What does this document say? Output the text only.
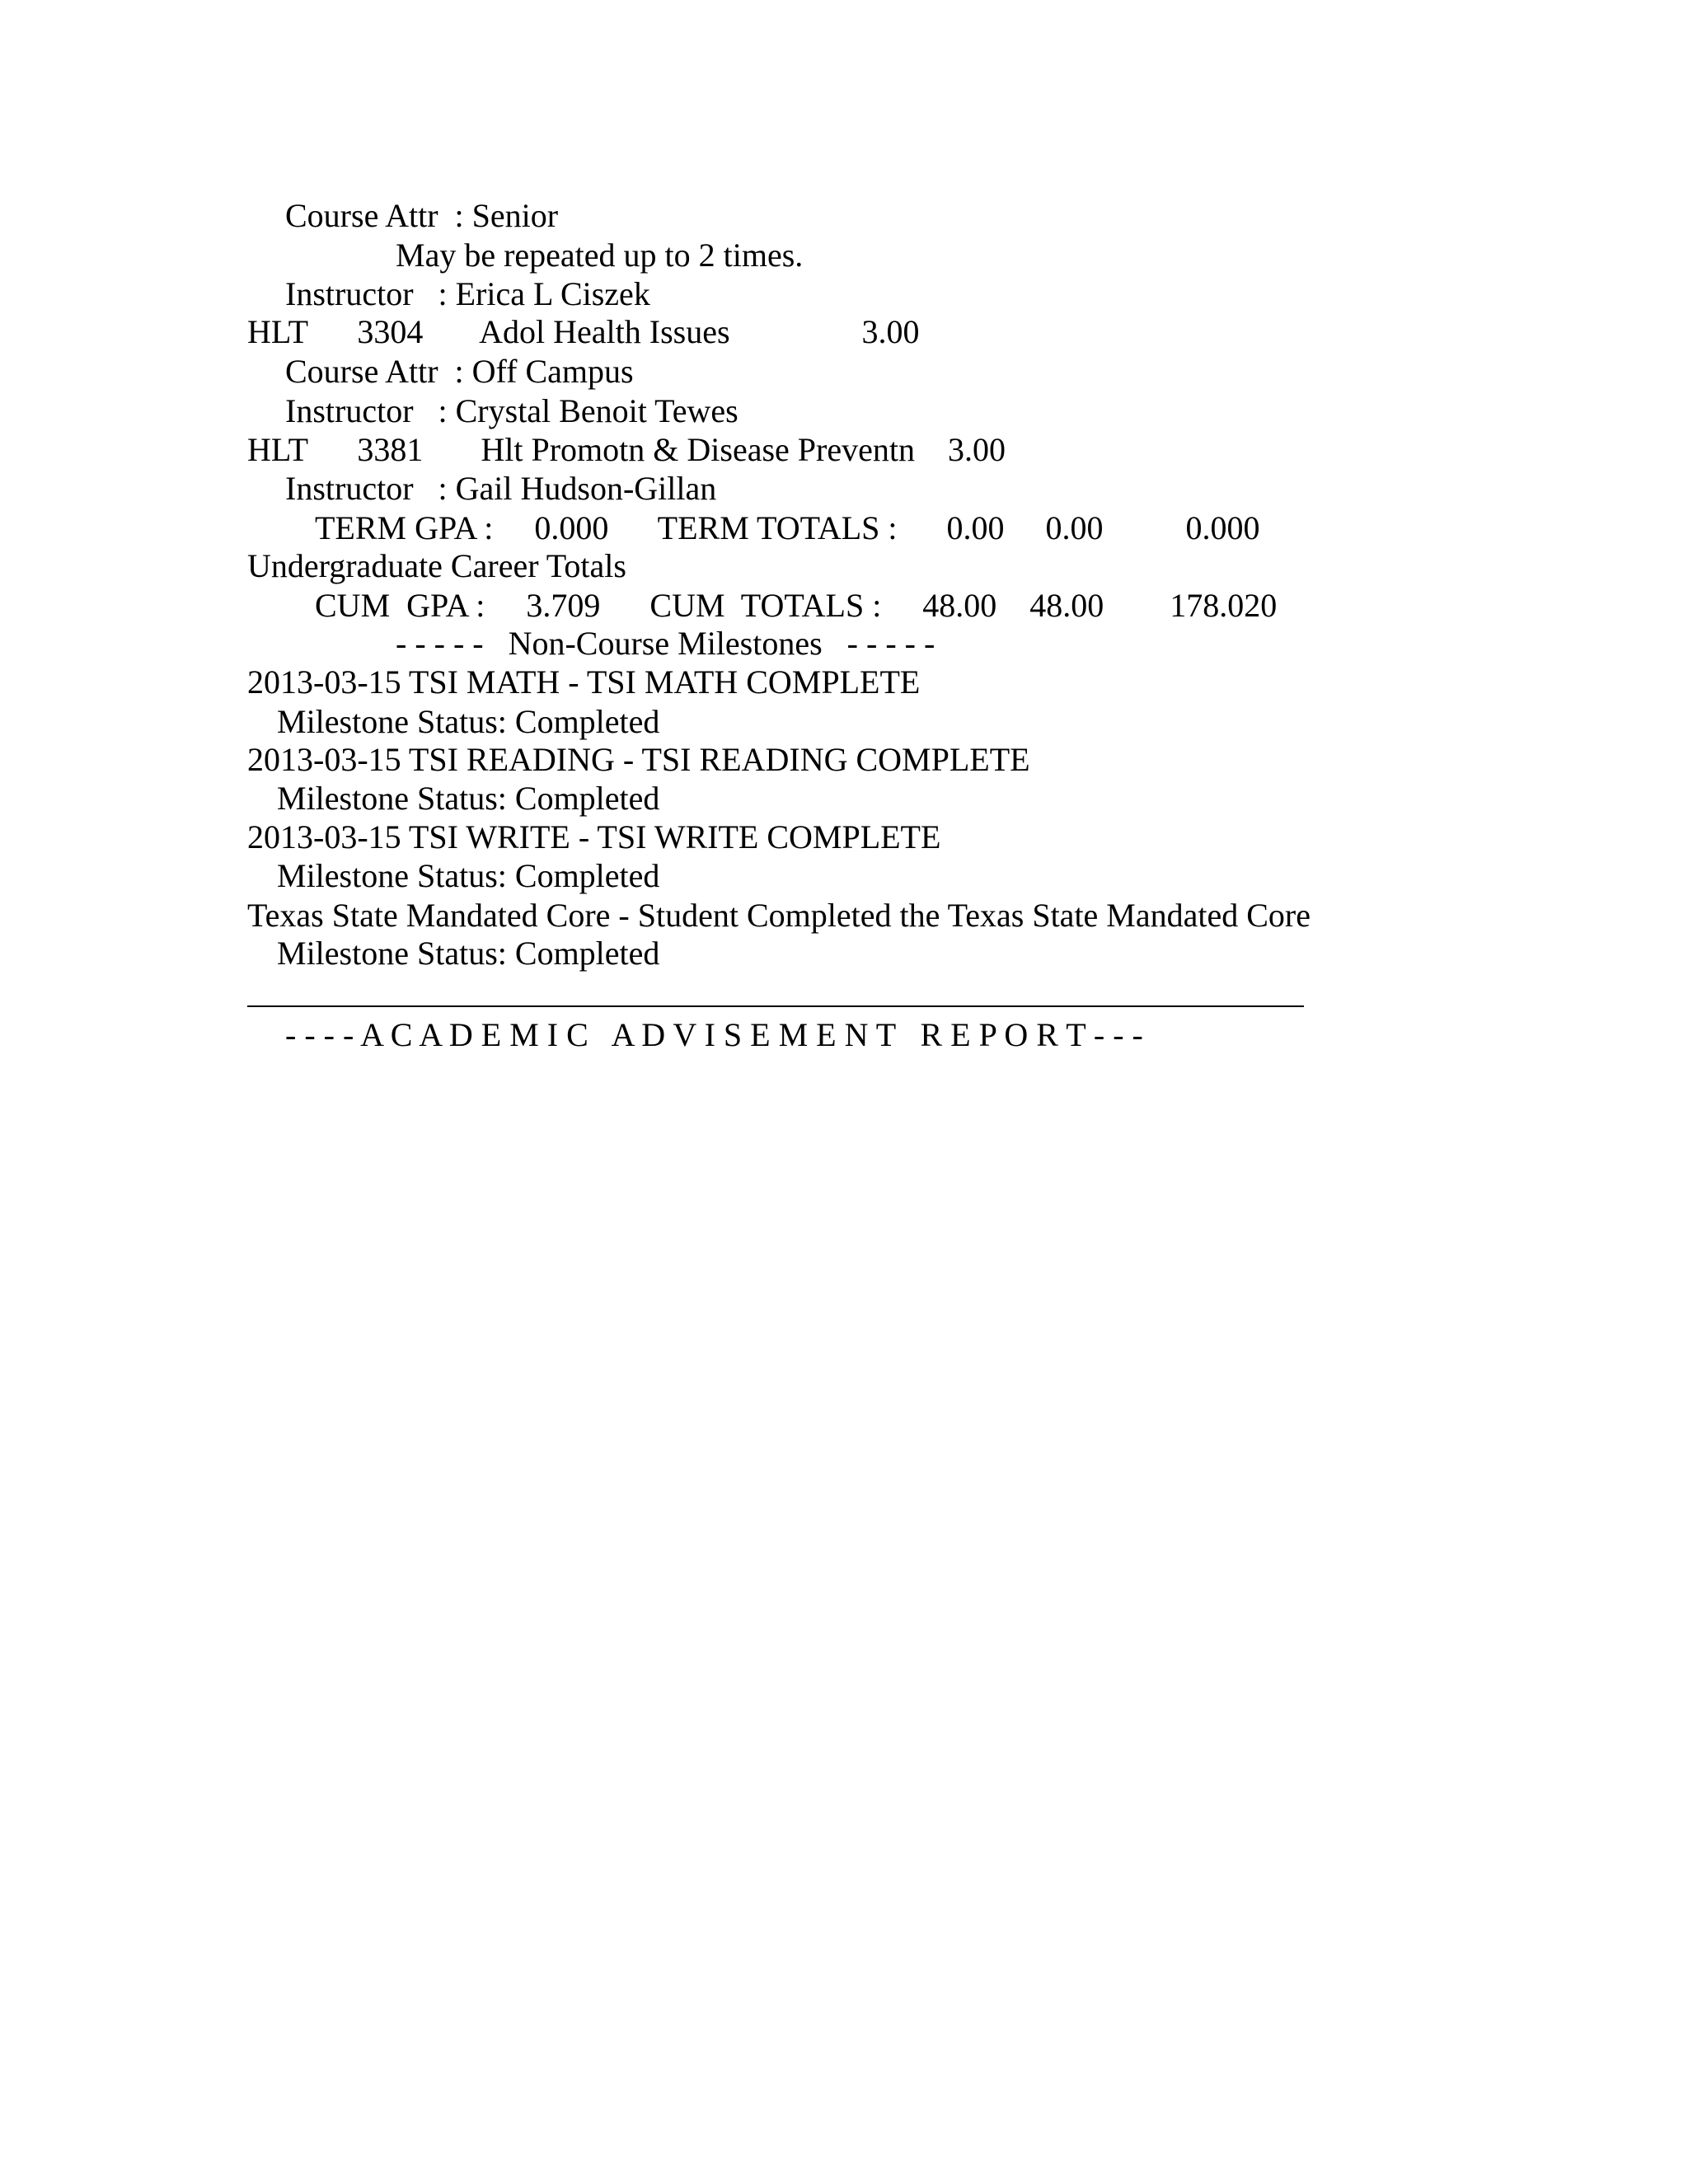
Course Attr  : Senior
May be repeated up to 2 times.
Instructor   : Erica L Ciszek
HLT      3304       Adol Health Issues                3.00
Course Attr  : Off Campus
Instructor   : Crystal Benoit Tewes
HLT      3381       Hlt Promotn & Disease Preventn    3.00
Instructor   : Gail Hudson-Gillan
TERM GPA :     0.000      TERM TOTALS :      0.00     0.00          0.000
Undergraduate Career Totals
CUM  GPA :     3.709      CUM  TOTALS :     48.00    48.00        178.020
- - - - -   Non-Course Milestones   - - - - -
2013-03-15 TSI MATH - TSI MATH COMPLETE
Milestone Status: Completed
2013-03-15 TSI READING - TSI READING COMPLETE
Milestone Status: Completed
2013-03-15 TSI WRITE - TSI WRITE COMPLETE
Milestone Status: Completed
Texas State Mandated Core - Student Completed the Texas State Mandated Core
Milestone Status: Completed
- - - - A C A D E M I C   A D V I S E M E N T   R E P O R T - - -
